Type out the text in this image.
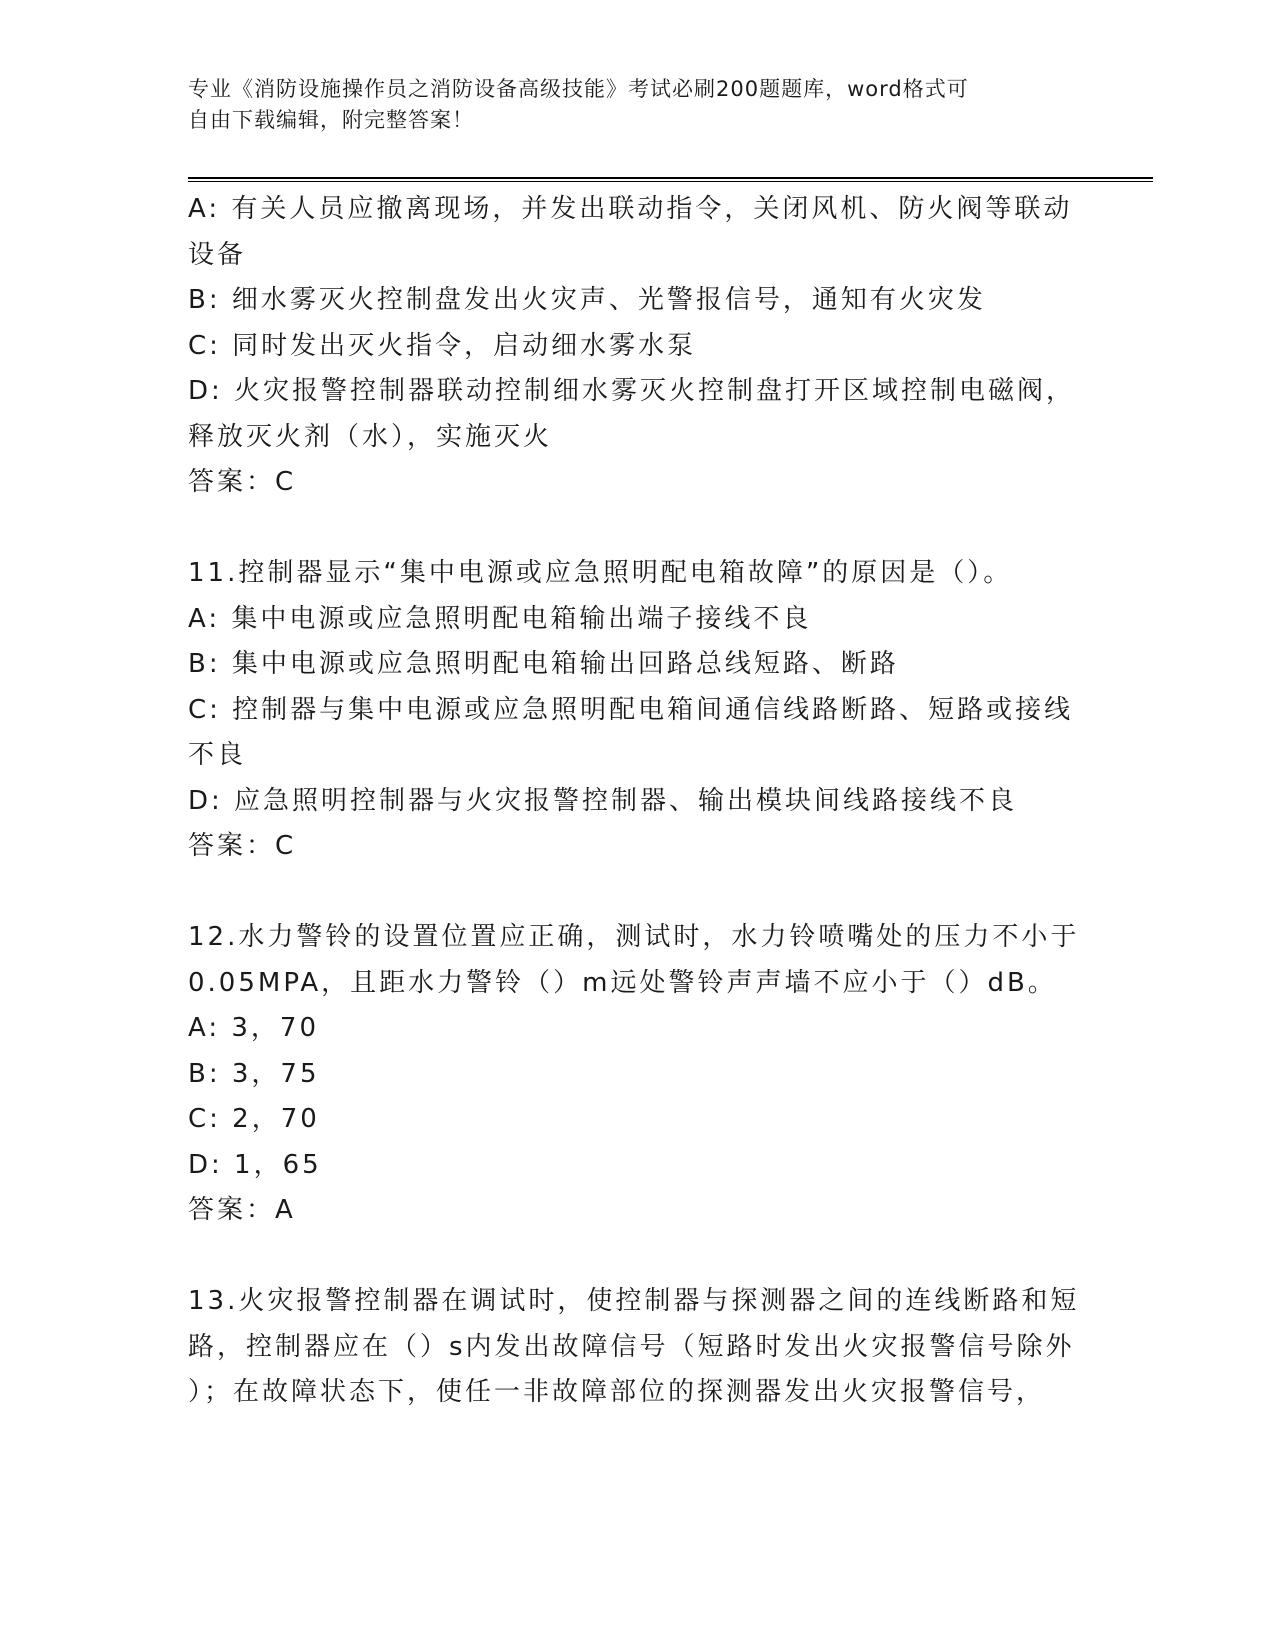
专业《消防设施操作员之消防设备高级技能》考试必刷200题题库，word格式可
自由下载编辑，附完整答案！
A: 有关人员应撤离现场，并发出联动指令，关闭风机、防火阀等联动
设备
B: 细水雾灭火控制盘发出火灾声、光警报信号，通知有火灾发
C: 同时发出灭火指令，启动细水雾水泵
D: 火灾报警控制器联动控制细水雾灭火控制盘打开区域控制电磁阀，
释放灭火剂（水），实施灭火
答案：C
11.控制器显示“集中电源或应急照明配电箱故障”的原因是（）。
A: 集中电源或应急照明配电箱输出端子接线不良
B: 集中电源或应急照明配电箱输出回路总线短路、断路
C: 控制器与集中电源或应急照明配电箱间通信线路断路、短路或接线
不良
D: 应急照明控制器与火灾报警控制器、输出模块间线路接线不良
答案：C
12.水力警铃的设置位置应正确，测试时，水力铃喷嘴处的压力不小于
0.05MPA，且距水力警铃（）m远处警铃声声墙不应小于（）dB。
A: 3，70
B: 3，75
C: 2，70
D: 1，65
答案：A
13.火灾报警控制器在调试时，使控制器与探测器之间的连线断路和短
路，控制器应在（）s内发出故障信号（短路时发出火灾报警信号除外
）；在故障状态下，使任一非故障部位的探测器发出火灾报警信号，
